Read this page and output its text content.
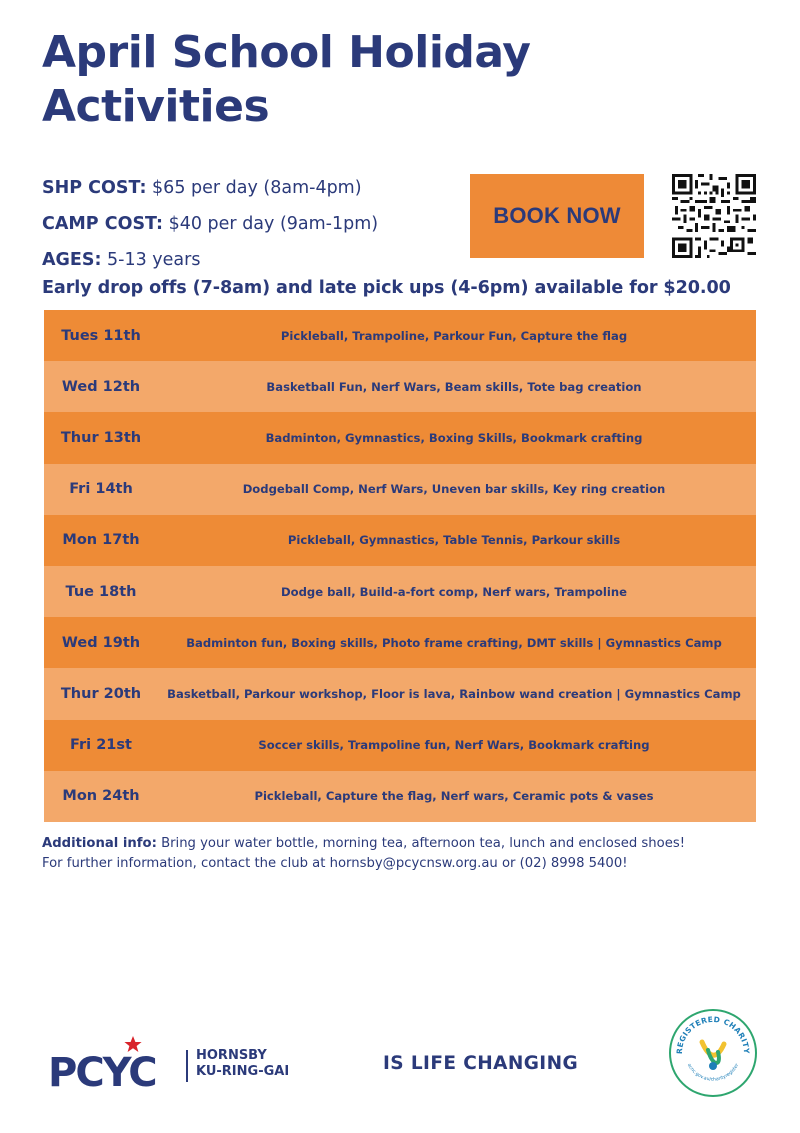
April School Holiday Activities
SHP COST: $65 per day (8am-4pm)
CAMP COST: $40 per day (9am-1pm)
AGES: 5-13 years
BOOK NOW
Early drop offs (7-8am) and late pick ups (4-6pm) available for $20.00
Tues 11th	Pickleball, Trampoline, Parkour Fun, Capture the flag
Wed 12th	Basketball Fun, Nerf Wars, Beam skills, Tote bag creation
Thur 13th	Badminton, Gymnastics, Boxing Skills, Bookmark crafting
Fri 14th	Dodgeball Comp, Nerf Wars, Uneven bar skills, Key ring creation
Mon 17th	Pickleball, Gymnastics, Table Tennis, Parkour skills
Tue 18th	Dodge ball, Build-a-fort comp, Nerf wars, Trampoline
Wed 19th	Badminton fun, Boxing skills, Photo frame crafting, DMT skills | Gymnastics Camp
Thur 20th	Basketball, Parkour workshop, Floor is lava, Rainbow wand creation | Gymnastics Camp
Fri 21st	Soccer skills, Trampoline fun, Nerf Wars, Bookmark crafting
Mon 24th	Pickleball, Capture the flag, Nerf wars, Ceramic pots & vases
Additional info: Bring your water bottle, morning tea, afternoon tea, lunch and enclosed shoes!
For further information, contact the club at hornsby@pcycnsw.org.au or (02) 8998 5400!
PCYC	HORNSBY
KU-RING-GAI	IS LIFE CHANGING
REGISTERED CHARITY
acnc.gov.au/charityregister
